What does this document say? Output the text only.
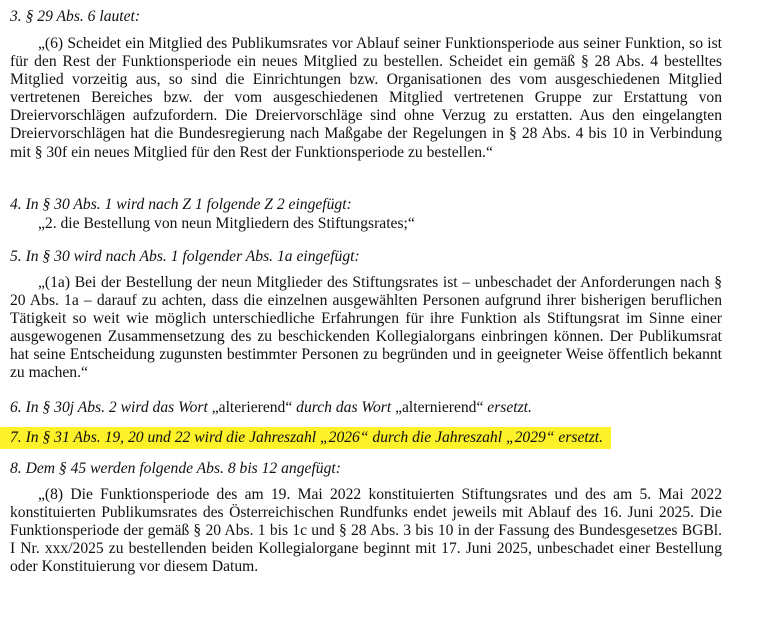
3. § 29 Abs. 6 lautet:
„(6) Scheidet ein Mitglied des Publikumsrates vor Ablauf seiner Funktionsperiode aus seiner Funktion, so ist für den Rest der Funktionsperiode ein neues Mitglied zu bestellen. Scheidet ein gemäß § 28 Abs. 4 bestelltes Mitglied vorzeitig aus, so sind die Einrichtungen bzw. Organisationen des vom ausgeschiedenen Mitglied vertretenen Bereiches bzw. der vom ausgeschiedenen Mitglied vertretenen Gruppe zur Erstattung von Dreiervorschlägen aufzufordern. Die Dreiervorschläge sind ohne Verzug zu erstatten. Aus den eingelangten Dreiervorschlägen hat die Bundesregierung nach Maßgabe der Regelungen in § 28 Abs. 4 bis 10 in Verbindung mit § 30f ein neues Mitglied für den Rest der Funktionsperiode zu bestellen.“
4. In § 30 Abs. 1 wird nach Z 1 folgende Z 2 eingefügt:
„2. die Bestellung von neun Mitgliedern des Stiftungsrates;“
5. In § 30 wird nach Abs. 1 folgender Abs. 1a eingefügt:
„(1a) Bei der Bestellung der neun Mitglieder des Stiftungsrates ist – unbeschadet der Anforderungen nach § 20 Abs. 1a – darauf zu achten, dass die einzelnen ausgewählten Personen aufgrund ihrer bisherigen beruflichen Tätigkeit so weit wie möglich unterschiedliche Erfahrungen für ihre Funktion als Stiftungsrat im Sinne einer ausgewogenen Zusammensetzung des zu beschickenden Kollegialorgans einbringen können. Der Publikumsrat hat seine Entscheidung zugunsten bestimmter Personen zu begründen und in geeigneter Weise öffentlich bekannt zu machen.“
6. In § 30j Abs. 2 wird das Wort „alterierend“ durch das Wort „alternierend“ ersetzt.
7. In § 31 Abs. 19, 20 und 22 wird die Jahreszahl „2026“ durch die Jahreszahl „2029“ ersetzt.
8. Dem § 45 werden folgende Abs. 8 bis 12 angefügt:
„(8) Die Funktionsperiode des am 19. Mai 2022 konstituierten Stiftungsrates und des am 5. Mai 2022 konstituierten Publikumsrates des Österreichischen Rundfunks endet jeweils mit Ablauf des 16. Juni 2025. Die Funktionsperiode der gemäß § 20 Abs. 1 bis 1c und § 28 Abs. 3 bis 10 in der Fassung des Bundesgesetzes BGBl. I Nr. xxx/2025 zu bestellenden beiden Kollegialorgane beginnt mit 17. Juni 2025, unbeschadet einer Bestellung oder Konstituierung vor diesem Datum.
